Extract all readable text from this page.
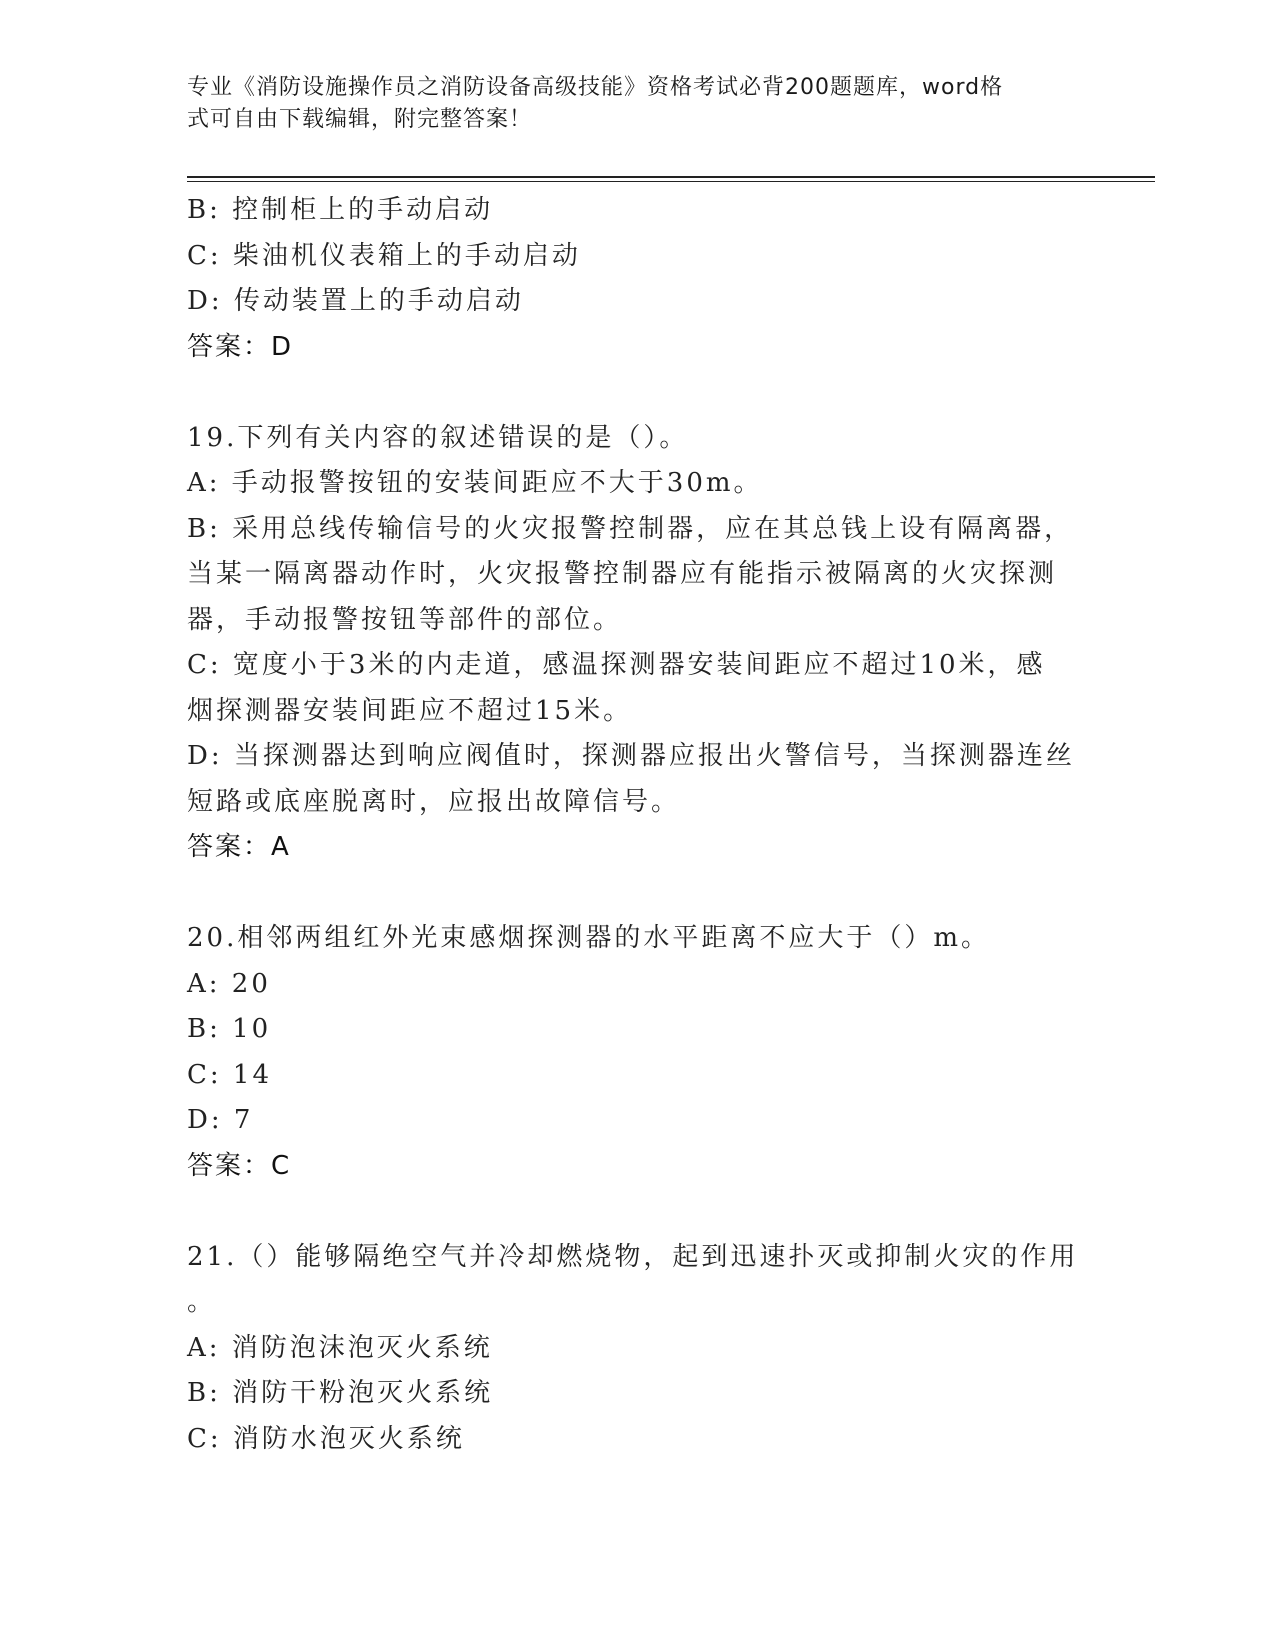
专业《消防设施操作员之消防设备高级技能》资格考试必背200题题库，word格
式可自由下载编辑，附完整答案！
B: 控制柜上的手动启动
C: 柴油机仪表箱上的手动启动
D: 传动装置上的手动启动
答案：D
19.下列有关内容的叙述错误的是（）。
A: 手动报警按钮的安装间距应不大于30m。
B: 采用总线传输信号的火灾报警控制器，应在其总钱上设有隔离器，
当某一隔离器动作时，火灾报警控制器应有能指示被隔离的火灾探测
器，手动报警按钮等部件的部位。
C: 宽度小于3米的内走道，感温探测器安装间距应不超过10米，感
烟探测器安装间距应不超过15米。
D: 当探测器达到响应阀值时，探测器应报出火警信号，当探测器连丝
短路或底座脱离时，应报出故障信号。
答案：A
20.相邻两组红外光束感烟探测器的水平距离不应大于（）m。
A: 20
B: 10
C: 14
D: 7
答案：C
21.（）能够隔绝空气并冷却燃烧物，起到迅速扑灭或抑制火灾的作用
。
A: 消防泡沫泡灭火系统
B: 消防干粉泡灭火系统
C: 消防水泡灭火系统
